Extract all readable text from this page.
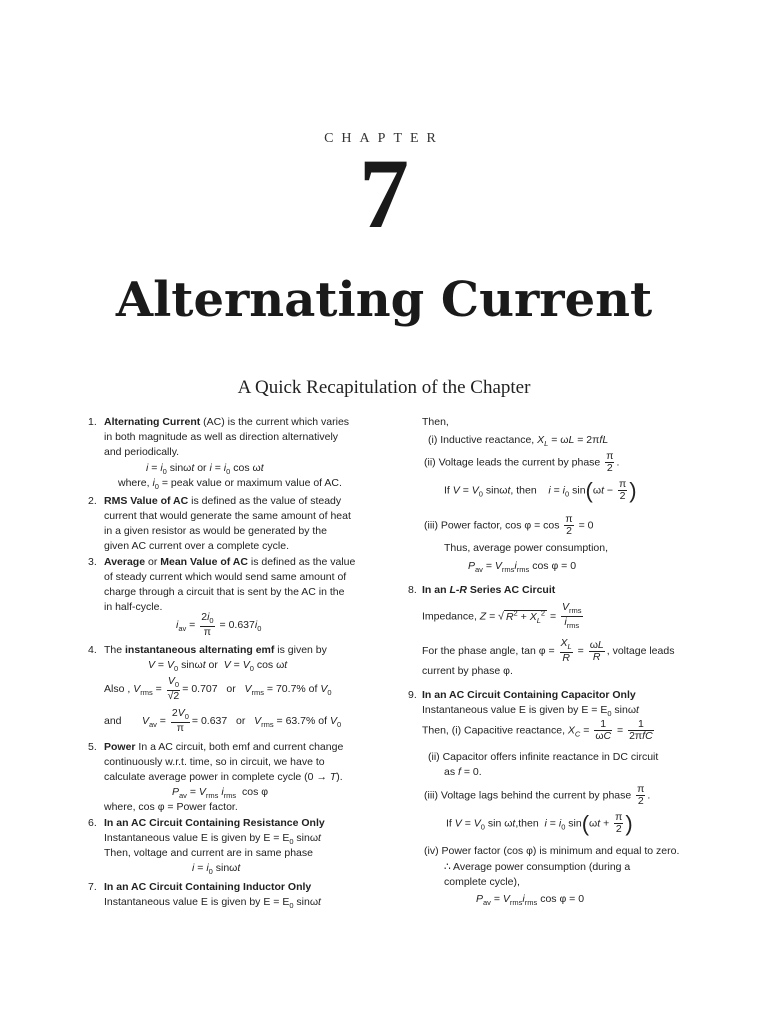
CHAPTER
7
Alternating Current
A Quick Recapitulation of the Chapter
1. Alternating Current (AC) is the current which varies
in both magnitude as well as direction alternatively
and periodically.
$i = i_0$ sinωt or $i = i_0$ cos ωt
where, $i_0$ = peak value or maximum value of AC.
2. RMS Value of AC is defined as the value of steady
current that would generate the same amount of heat
in a given resistor as would be generated by the
given AC current over a complete cycle.
3. Average or Mean Value of AC is defined as the value
of steady current which would send same amount of
charge through a circuit that is sent by the AC in the
in half-cycle.
$i_{av} = \frac{2i_0}{\pi} = 0.637i_0$
4. The instantaneous alternating emf is given by
$V = V_0$ sinωt or  $V = V_0$ cos ωt
Also , $V_{rms} = \frac{V_0}{√2} = 0.707$ or $V_{rms} = 70.7\%$ of $V_0$
and $V_{av} = \frac{2V_0}{\pi} = 0.637$ or $V_{rms} = 63.7\%$ of $V_0$
5. Power In a AC circuit, both emf and current change
continuously w.r.t. time, so in circuit, we have to
calculate average power in complete cycle (0 → T).
$P_{av} = V_{rms}$ $i_{rms}$  cos φ
where, cos φ = Power factor.
6. In an AC Circuit Containing Resistance Only
Instantaneous value E is given by $E = E_0$ sinωt
Then, voltage and current are in same phase
$i = i_0$ sinωt
7. In an AC Circuit Containing Inductor Only
Instantaneous value E is given by $E = E_0$ sinωt
Then,
(i) Inductive reactance, $X_L = \omega L = 2\pi fL$
(ii) Voltage leads the current by phase $\frac{\pi}{2}$ .
If $V = V_0$ sinωt, then $i = i_0$ $\sin(\omega t - \frac{\pi}{2}$ )
(iii) Power factor, $\cos \varphi = \cos \frac{\pi}{2} = 0$
Thus, average power consumption,
$P_{av} = V_{rms}i_{rms}$ cos φ = 0
8. In an L-R Series AC Circuit
Impedance, Z = √ $R^2 + X_L^2 = \frac{V_{rms}}{i_{rms}}$
For the phase angle, $\tan \varphi = \frac{X_L}{R} = \frac{\omega L}{R}$ , voltage leads
current by phase φ.
9. In an AC Circuit Containing Capacitor Only
Instantaneous value E is given by $E = E_0$ sinωt
Then, (i) Capacitive reactance, $X_C = \frac{1}{\omega C} = \frac{1}{\text{2πfC}}$
(ii) Capacitor offers infinite reactance in DC circuit
as f = 0.
(iii) Voltage lags behind the current by phase $\frac{\pi}{2}$ .
If $V = V_0$ sin ωt,then $i = i_0$ $\sin(\omega t + \frac{\pi}{2}$ )
(iv) Power factor (cos φ) is minimum and equal to zero.
∴ Average power consumption (during a
complete cycle),
$P_{av} = V_{rms}i_{rms}$ cos φ = 0
